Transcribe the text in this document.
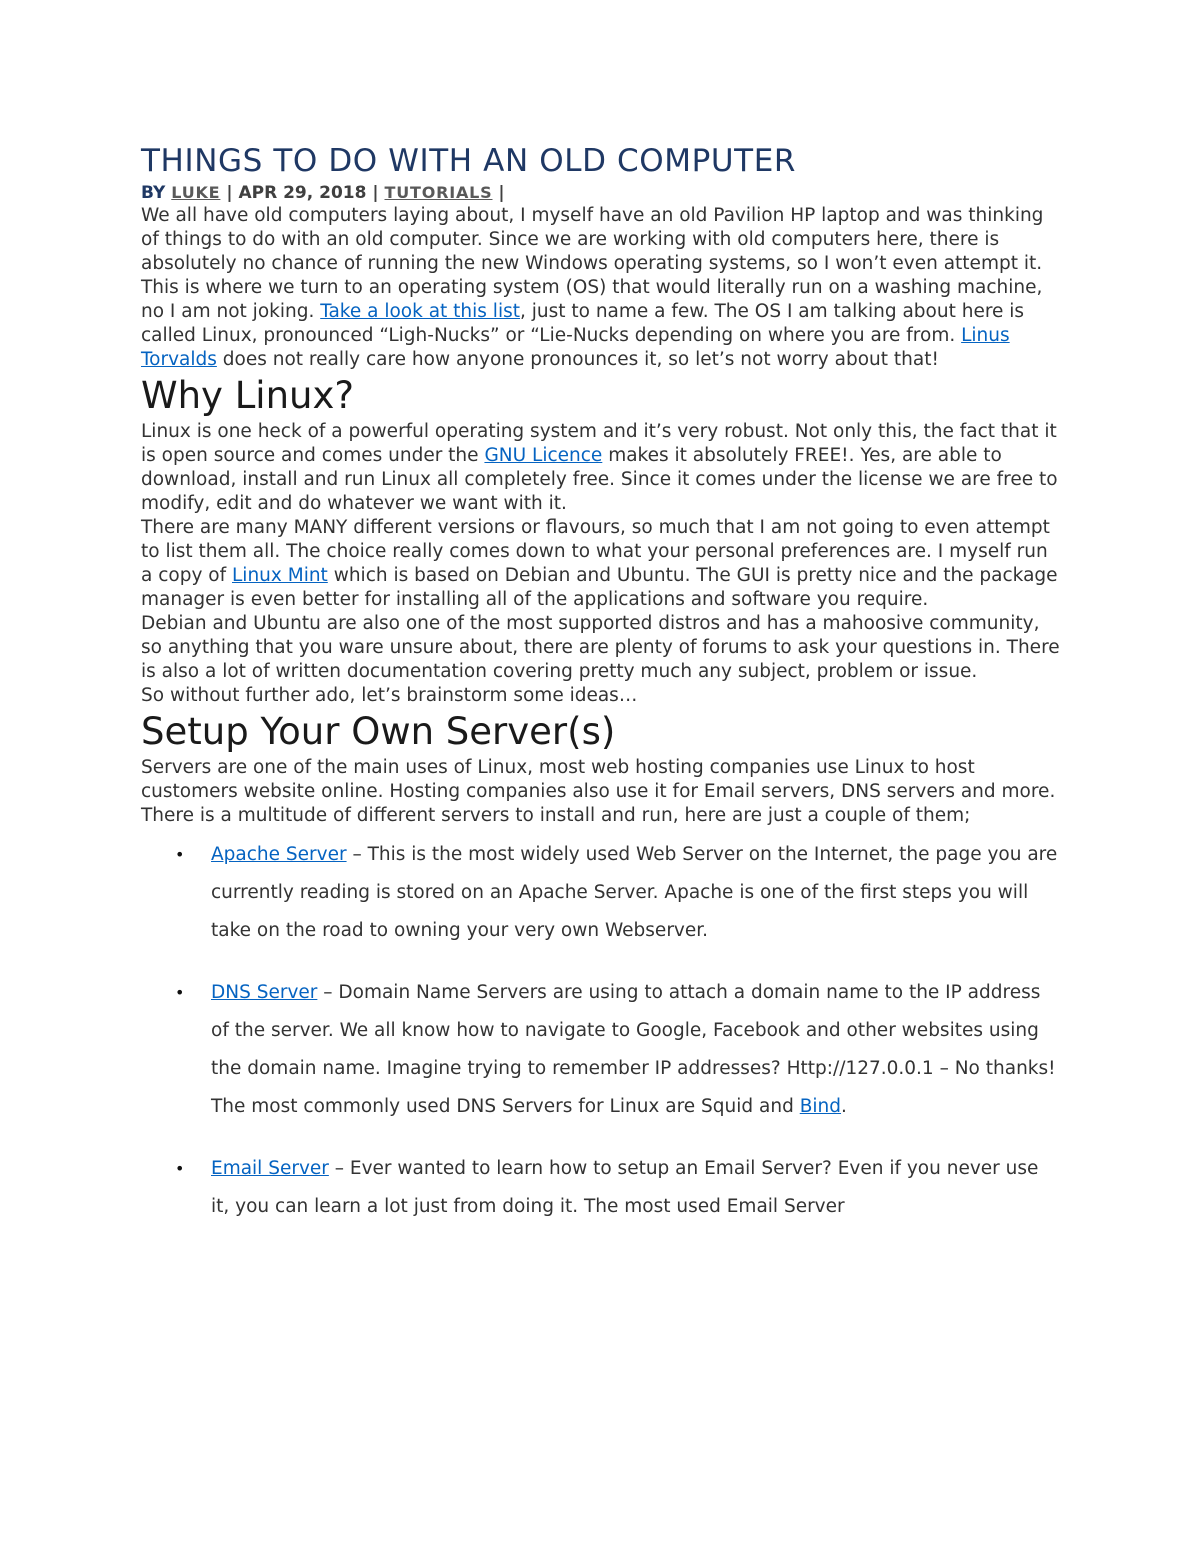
THINGS TO DO WITH AN OLD COMPUTER

BY LUKE | APR 29, 2018 | TUTORIALS |

We all have old computers laying about, I myself have an old Pavilion HP laptop and was thinking of things to do with an old computer. Since we are working with old computers here, there is absolutely no chance of running the new Windows operating systems, so I won’t even attempt it.

This is where we turn to an operating system (OS) that would literally run on a washing machine, no I am not joking. Take a look at this list, just to name a few. The OS I am talking about here is called Linux, pronounced “Ligh-Nucks” or “Lie-Nucks depending on where you are from. Linus Torvalds does not really care how anyone pronounces it, so let’s not worry about that!

Why Linux?

Linux is one heck of a powerful operating system and it’s very robust. Not only this, the fact that it is open source and comes under the GNU Licence makes it absolutely FREE!. Yes, are able to download, install and run Linux all completely free. Since it comes under the license we are free to modify, edit and do whatever we want with it.

There are many MANY different versions or flavours, so much that I am not going to even attempt to list them all. The choice really comes down to what your personal preferences are. I myself run a copy of Linux Mint which is based on Debian and Ubuntu. The GUI is pretty nice and the package manager is even better for installing all of the applications and software you require.

Debian and Ubuntu are also one of the most supported distros and has a mahoosive community, so anything that you ware unsure about, there are plenty of forums to ask your questions in. There is also a lot of written documentation covering pretty much any subject, problem or issue.

So without further ado, let’s brainstorm some ideas…

Setup Your Own Server(s)

Servers are one of the main uses of Linux, most web hosting companies use Linux to host customers website online. Hosting companies also use it for Email servers, DNS servers and more. There is a multitude of different servers to install and run, here are just a couple of them;

• Apache Server – This is the most widely used Web Server on the Internet, the page you are currently reading is stored on an Apache Server. Apache is one of the first steps you will take on the road to owning your very own Webserver.
• DNS Server – Domain Name Servers are using to attach a domain name to the IP address of the server. We all know how to navigate to Google, Facebook and other websites using the domain name. Imagine trying to remember IP addresses? Http://127.0.0.1 – No thanks! The most commonly used DNS Servers for Linux are Squid and Bind.
• Email Server – Ever wanted to learn how to setup an Email Server? Even if you never use it, you can learn a lot just from doing it. The most used Email Server
